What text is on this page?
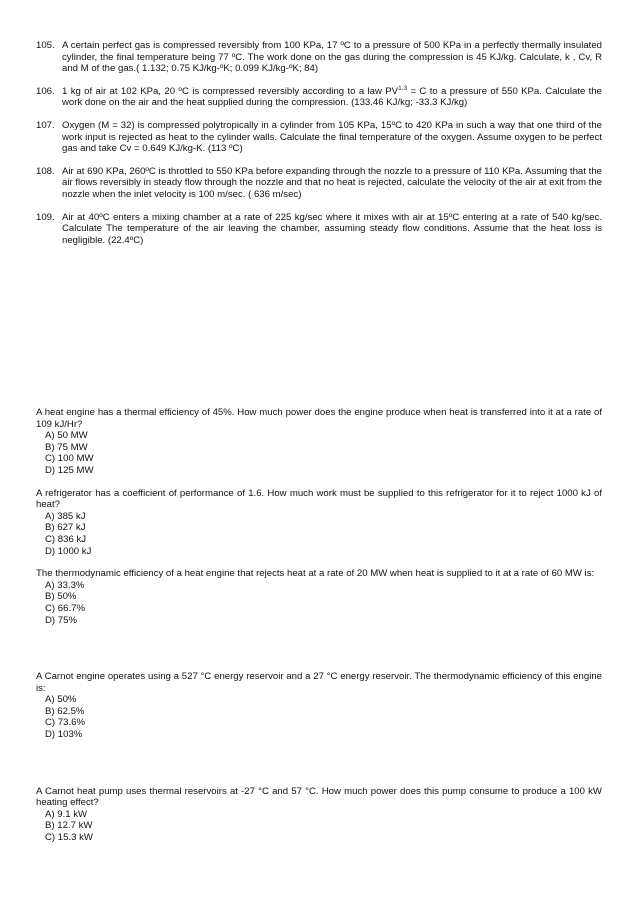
105. A certain perfect gas is compressed reversibly from 100 KPa, 17 ºC to a pressure of 500 KPa in a perfectly thermally insulated cylinder, the final temperature being 77 ºC. The work done on the gas during the compression is 45 KJ/kg. Calculate, k , Cv, R and M of the gas.( 1.132; 0.75 KJ/kg-ºK; 0.099 KJ/kg-ºK; 84)
106. 1 kg of air at 102 KPa, 20 ºC is compressed reversibly according to a law $PV^{1.3} = C$ to a pressure of 550 KPa. Calculate the work done on the air and the heat supplied during the compression. (133.46 KJ/kg; -33.3 KJ/kg)
107. Oxygen (M = 32) is compressed polytropically in a cylinder from 105 KPa, 15ºC to 420 KPa in such a way that one third of the work input is rejected as heat to the cylinder walls. Calculate the final temperature of the oxygen. Assume oxygen to be perfect gas and take Cv = 0.649 KJ/kg-K. (113 ºC)
108. Air at 690 KPa, 260ºC is throttled to 550 KPa before expanding through the nozzle to a pressure of 110 KPa. Assuming that the air flows reversibly in steady flow through the nozzle and that no heat is rejected, calculate the velocity of the air at exit from the nozzle when the inlet velocity is 100 m/sec. ( 636 m/sec)
109. Air at 40ºC enters a mixing chamber at a rate of 225 kg/sec where it mixes with air at 15ºC entering at a rate of 540 kg/sec. Calculate The temperature of the air leaving the chamber, assuming steady flow conditions. Assume that the heat loss is negligible. (22.4ºC)
A heat engine has a thermal efficiency of 45%. How much power does the engine produce when heat is transferred into it at a rate of 109 kJ/Hr?
A) 50 MW
B) 75 MW
C) 100 MW
D) 125 MW
A refrigerator has a coefficient of performance of 1.6. How much work must be supplied to this refrigerator for it to reject 1000 kJ of heat?
A) 385 kJ
B) 627 kJ
C) 836 kJ
D) 1000 kJ
The thermodynamic efficiency of a heat engine that rejects heat at a rate of 20 MW when heat is supplied to it at a rate of 60 MW is:
A) 33.3%
B) 50%
C) 66.7%
D) 75%
A Carnot engine operates using a 527 °C energy reservoir and a 27 °C energy reservoir. The thermodynamic efficiency of this engine is:
A) 50%
B) 62.5%
C) 73.6%
D) 103%
A Carnot heat pump uses thermal reservoirs at -27 °C and 57 °C. How much power does this pump consume to produce a 100 kW heating effect?
A) 9.1 kW
B) 12.7 kW
C) 15.3 kW
